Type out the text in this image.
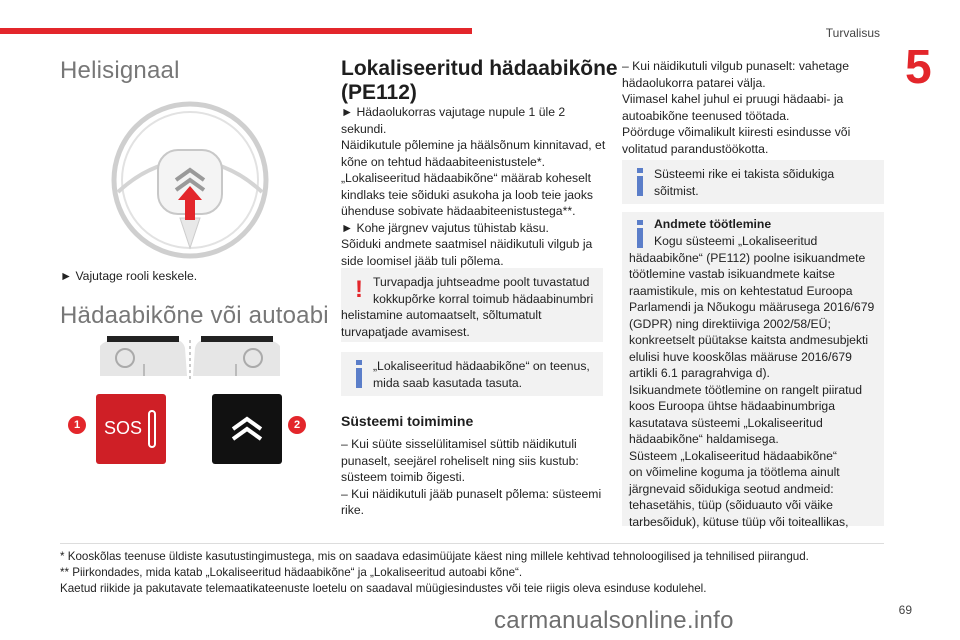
Turvalisus
5
Helisignaal
► Vajutage rooli keskele.
Hädaabikõne või autoabi
1	SOS	2
Lokaliseeritud hädaabikõne
(PE112)
► Hädaolukorras vajutage nupule 1 üle 2
sekundi.
Näidikutule põlemine ja häälsõnum kinnitavad, et
kõne on tehtud hädaabiteenistustele*.
„Lokaliseeritud hädaabikõne“ määrab koheselt
kindlaks teie sõiduki asukoha ja loob teie jaoks
ühenduse sobivate hädaabiteenistustega**.
► Kohe järgnev vajutus tühistab käsu.
Sõiduki andmete saatmisel näidikutuli vilgub ja
side loomisel jääb tuli põlema.
! Turvapadja juhtseadme poolt tuvastatud
kokkupõrke korral toimub hädaabinumbri
helistamine automaatselt, sõltumatult
turvapatjade avamisest.
„Lokaliseeritud hädaabikõne“ on teenus,
mida saab kasutada tasuta.
Süsteemi toimimine
– Kui süüte sisselülitamisel süttib näidikutuli
punaselt, seejärel roheliselt ning siis kustub:
süsteem toimib õigesti.
– Kui näidikutuli jääb punaselt põlema: süsteemi
rike.
– Kui näidikutuli vilgub punaselt: vahetage
hädaolukorra patarei välja.
Viimasel kahel juhul ei pruugi hädaabi- ja
autoabikõne teenused töötada.
Pöörduge võimalikult kiiresti esindusse või
volitatud parandustöökotta.
Süsteemi rike ei takista sõidukiga
sõitmist.
Andmete töötlemine
Kogu süsteemi „Lokaliseeritud
hädaabikõne“ (PE112) poolne isikuandmete
töötlemine vastab isikuandmete kaitse
raamistikule, mis on kehtestatud Euroopa
Parlamendi ja Nõukogu määrusega 2016/679
(GDPR) ning direktiiviga 2002/58/EÜ;
konkreetselt püütakse kaitsta andmesubjekti
elulisi huve kooskõlas määruse 2016/679
artikli 6.1 paragrahviga d).
Isikuandmete töötlemine on rangelt piiratud
koos Euroopa ühtse hädaabinumbriga
kasutatava süsteemi „Lokaliseeritud
hädaabikõne“ haldamisega.
Süsteem „Lokaliseeritud hädaabikõne“
on võimeline koguma ja töötlema ainult
järgnevaid sõidukiga seotud andmeid:
tehasetähis, tüüp (sõiduauto või väike
tarbesõiduk), kütuse tüüp või toiteallikas,
* Kooskõlas teenuse üldiste kasutustingimustega, mis on saadava edasimüüjate käest ning millele kehtivad tehnoloogilised ja tehnilised piirangud.
** Piirkondades, mida katab „Lokaliseeritud hädaabikõne“ ja „Lokaliseeritud autoabi kõne“.
Kaetud riikide ja pakutavate telemaatikateenuste loetelu on saadaval müügiesindustes või teie riigis oleva esinduse kodulehel.
carmanualsonline.info	69
